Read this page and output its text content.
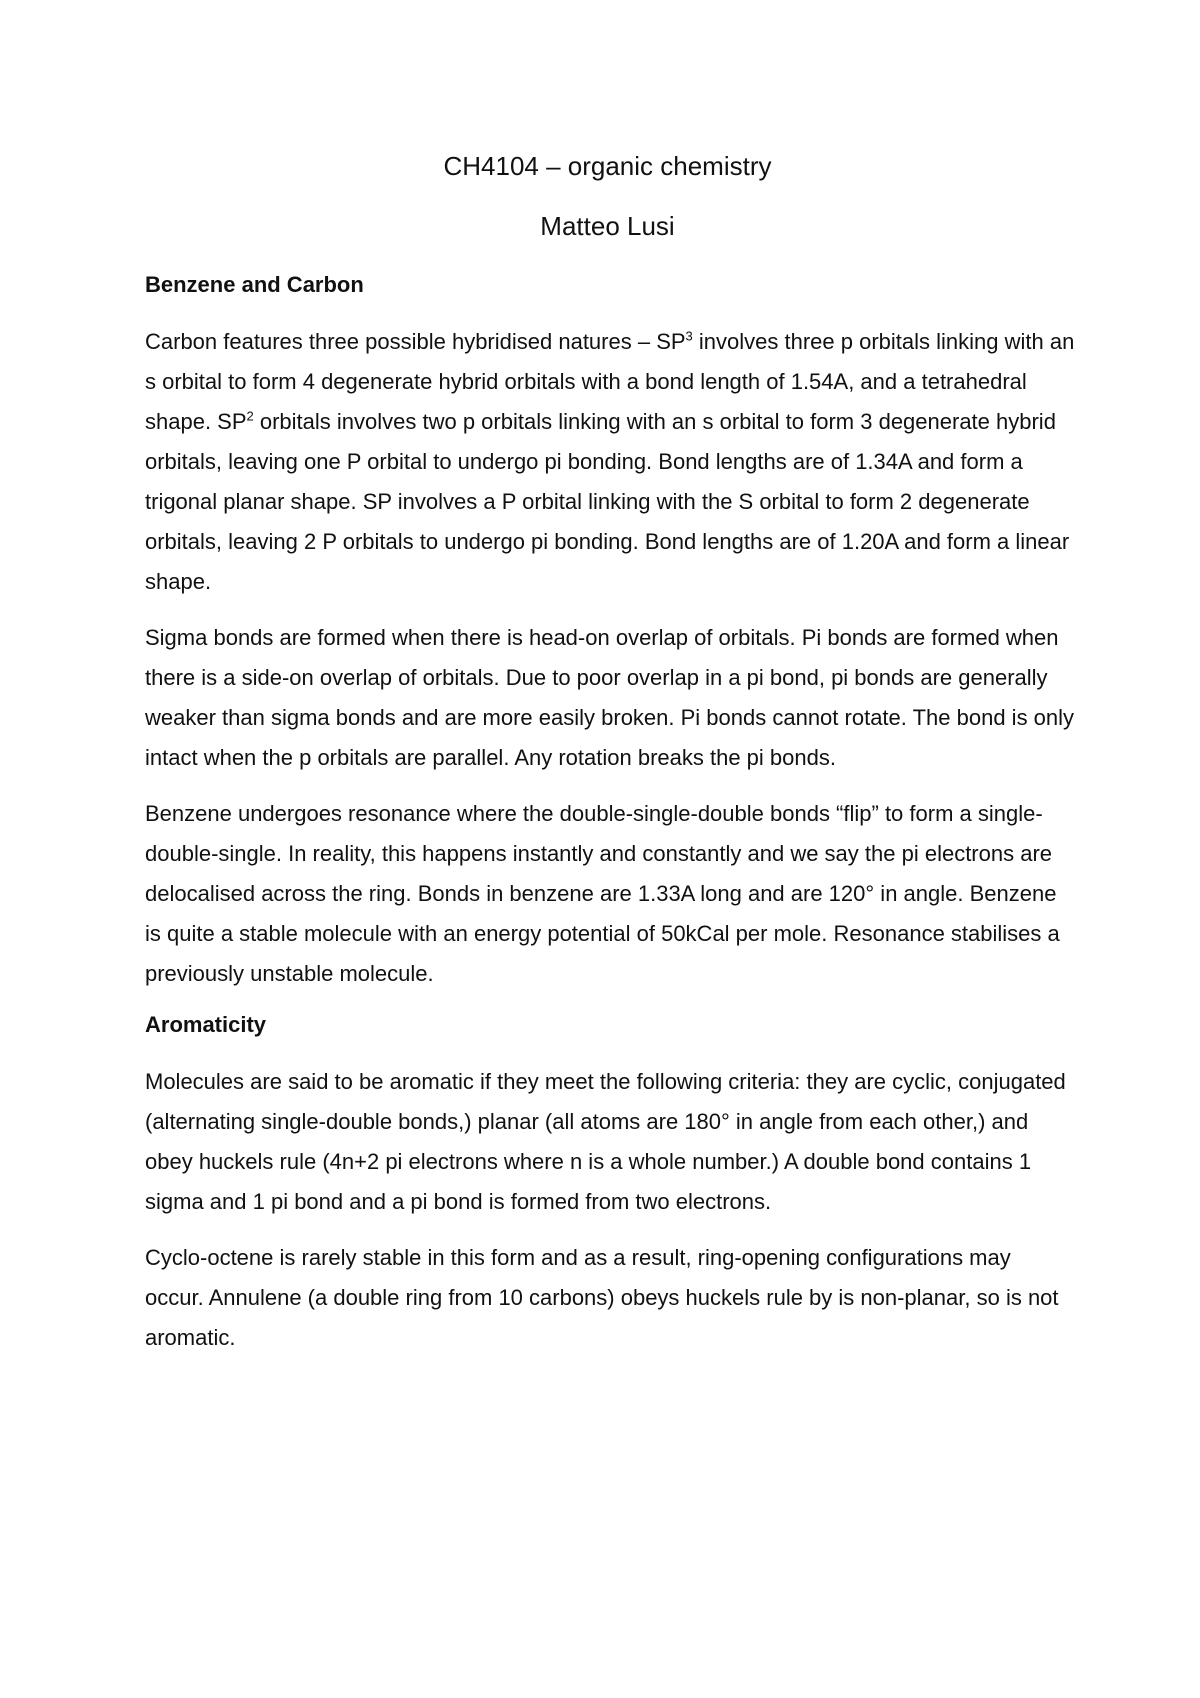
CH4104 – organic chemistry
Matteo Lusi
Benzene and Carbon

Carbon features three possible hybridised natures – $SP^3$ involves three p orbitals linking with an s orbital to form 4 degenerate hybrid orbitals with a bond length of 1.54A, and a tetrahedral shape. $SP^2$ orbitals involves two p orbitals linking with an s orbital to form 3 degenerate hybrid orbitals, leaving one P orbital to undergo pi bonding. Bond lengths are of 1.34A and form a trigonal planar shape. SP involves a P orbital linking with the S orbital to form 2 degenerate orbitals, leaving 2 P orbitals to undergo pi bonding. Bond lengths are of 1.20A and form a linear shape.

Sigma bonds are formed when there is head-on overlap of orbitals. Pi bonds are formed when there is a side-on overlap of orbitals. Due to poor overlap in a pi bond, pi bonds are generally weaker than sigma bonds and are more easily broken. Pi bonds cannot rotate. The bond is only intact when the p orbitals are parallel. Any rotation breaks the pi bonds.

Benzene undergoes resonance where the double-single-double bonds “flip” to form a single-double-single. In reality, this happens instantly and constantly and we say the pi electrons are delocalised across the ring. Bonds in benzene are 1.33A long and are 120° in angle. Benzene is quite a stable molecule with an energy potential of 50kCal per mole. Resonance stabilises a previously unstable molecule.

Aromaticity

Molecules are said to be aromatic if they meet the following criteria: they are cyclic, conjugated (alternating single-double bonds,) planar (all atoms are 180° in angle from each other,) and obey huckels rule (4n+2 pi electrons where n is a whole number.) A double bond contains 1 sigma and 1 pi bond and a pi bond is formed from two electrons.

Cyclo-octene is rarely stable in this form and as a result, ring-opening configurations may occur. Annulene (a double ring from 10 carbons) obeys huckels rule by is non-planar, so is not aromatic.
